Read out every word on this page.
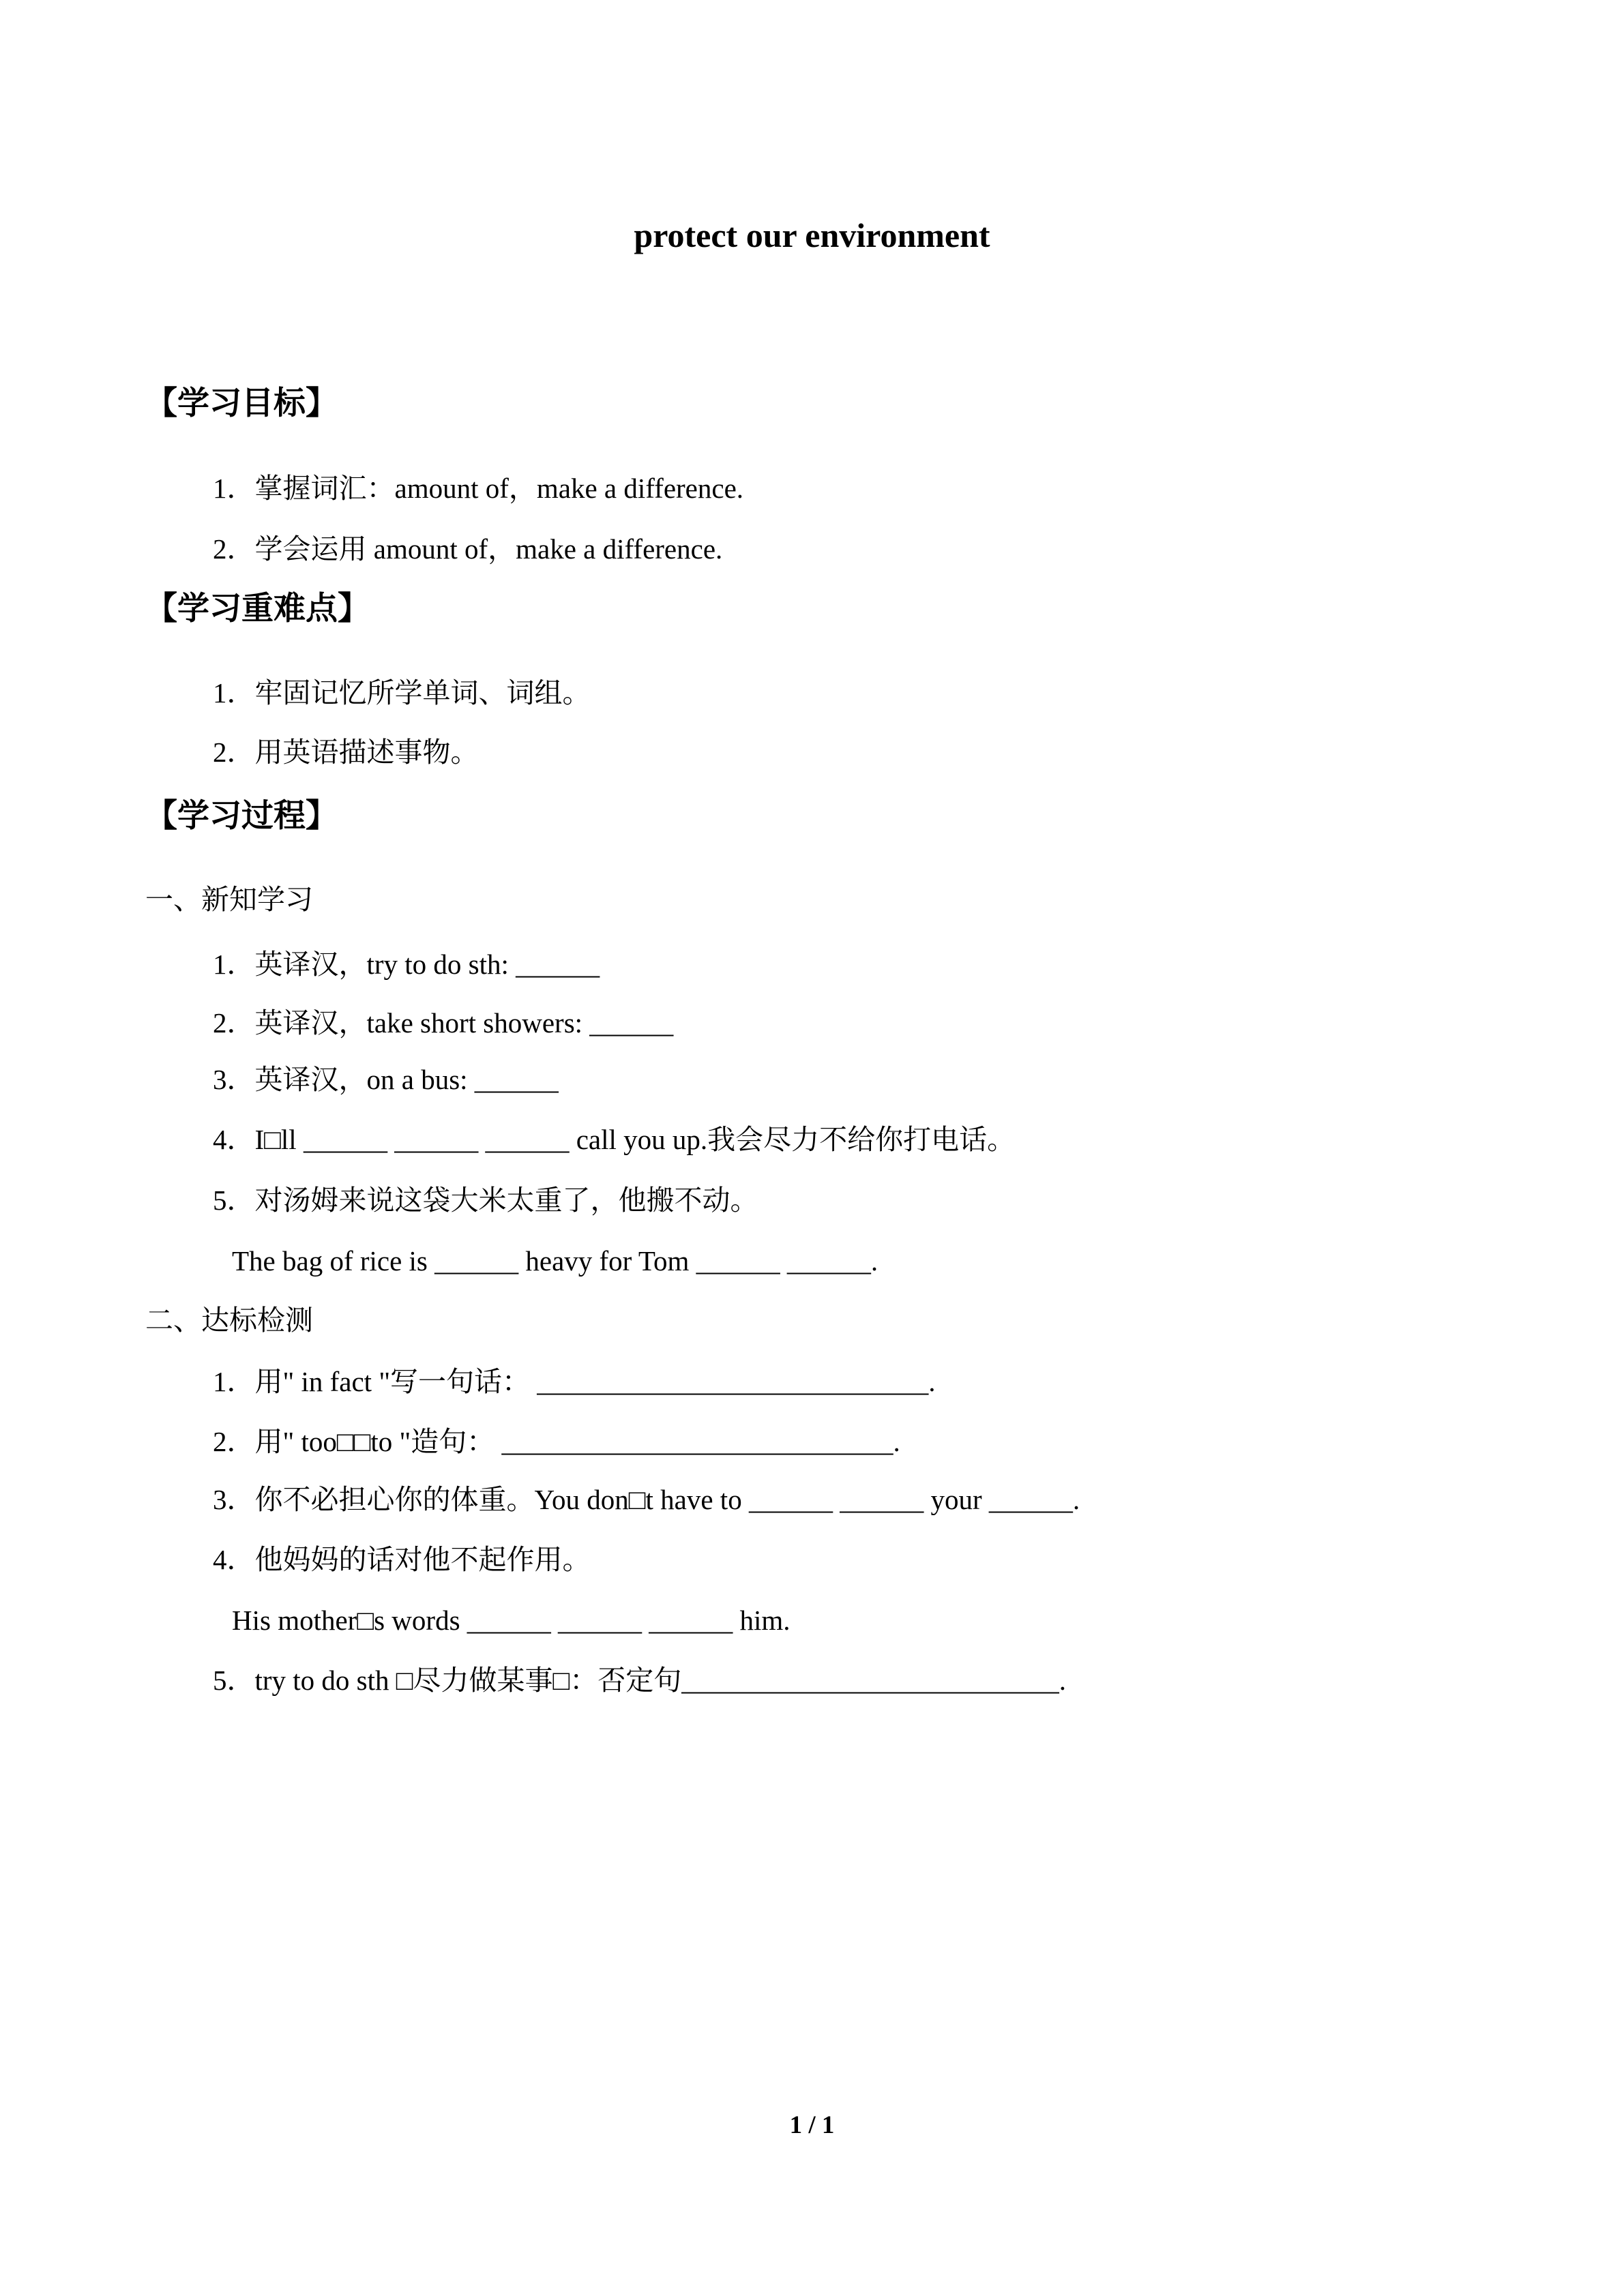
protect our environment
【学习目标】
1．掌握词汇：amount of，make a difference.
2．学会运用 amount of，make a difference.
【学习重难点】
1．牢固记忆所学单词、词组。
2．用英语描述事物。
【学习过程】
一、新知学习
1．英译汉，try to do sth: ______
2．英译汉，take short showers: ______
3．英译汉，on a bus: ______
4．I□ll ______ ______ ______ call you up.我会尽力不给你打电话。
5．对汤姆来说这袋大米太重了，他搬不动。
The bag of rice is ______ heavy for Tom ______ ______.
二、达标检测
1．用" in fact "写一句话： ____________________________.
2．用" too□□to "造句： ____________________________.
3．你不必担心你的体重。You don□t have to ______ ______ your ______.
4．他妈妈的话对他不起作用。
His mother□s words ______ ______ ______ him.
5．try to do sth □尽力做某事□：否定句___________________________.
1 / 1
